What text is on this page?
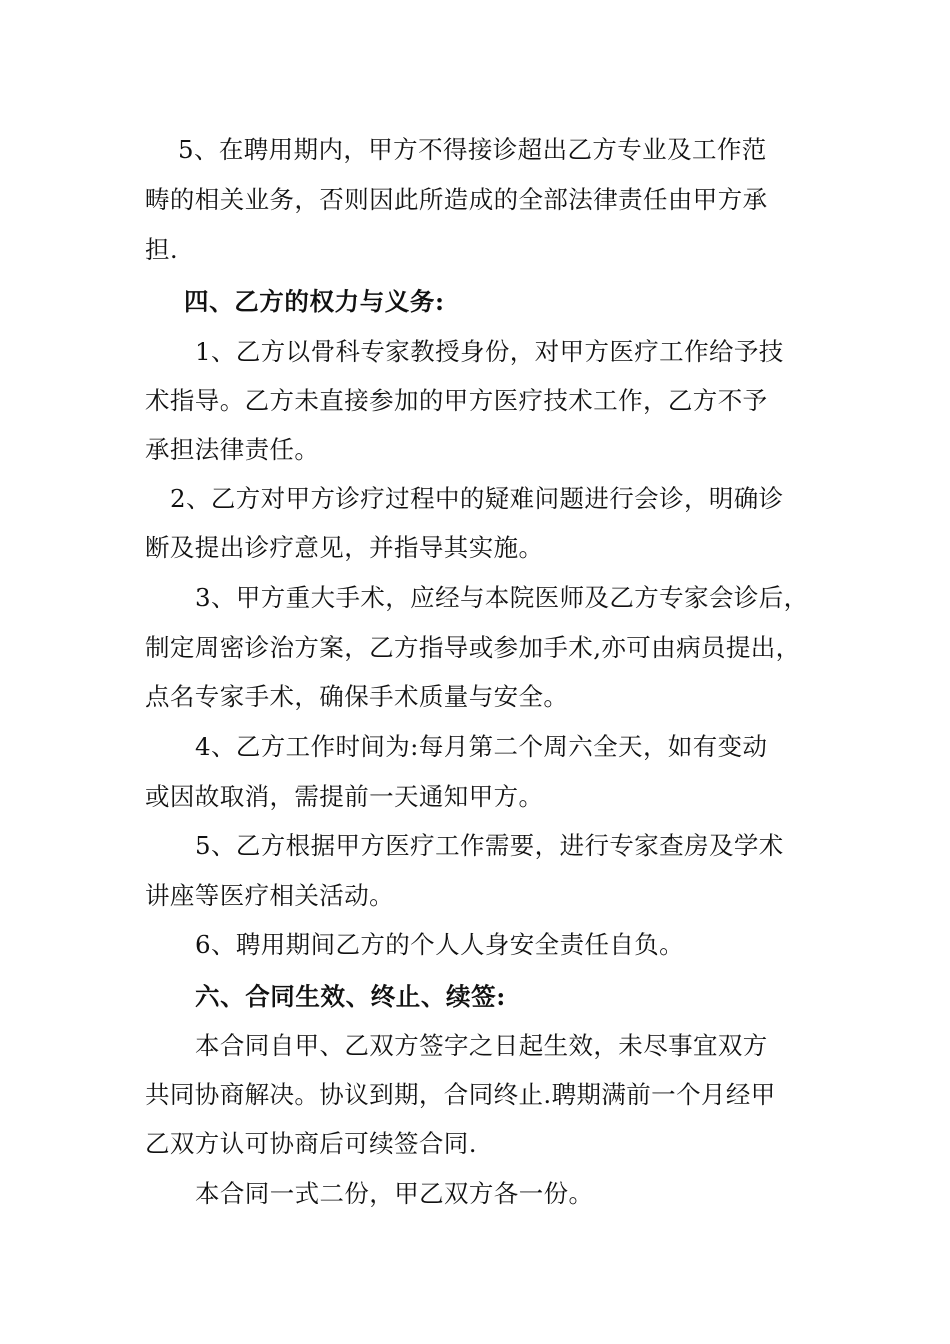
5、在聘用期内，甲方不得接诊超出乙方专业及工作范
畴的相关业务，否则因此所造成的全部法律责任由甲方承
担.
四、乙方的权力与义务:
1、乙方以骨科专家教授身份，对甲方医疗工作给予技
术指导。乙方未直接参加的甲方医疗技术工作，乙方不予
承担法律责任。
2、乙方对甲方诊疗过程中的疑难问题进行会诊，明确诊
断及提出诊疗意见，并指导其实施。
3、甲方重大手术，应经与本院医师及乙方专家会诊后，
制定周密诊治方案，乙方指导或参加手术,亦可由病员提出，
点名专家手术，确保手术质量与安全。
4、乙方工作时间为:每月第二个周六全天，如有变动
或因故取消，需提前一天通知甲方。
5、乙方根据甲方医疗工作需要，进行专家查房及学术
讲座等医疗相关活动。
6、聘用期间乙方的个人人身安全责任自负。
六、合同生效、终止、续签:
本合同自甲、乙双方签字之日起生效，未尽事宜双方
共同协商解决。协议到期，合同终止.聘期满前一个月经甲
乙双方认可协商后可续签合同.
本合同一式二份，甲乙双方各一份。
